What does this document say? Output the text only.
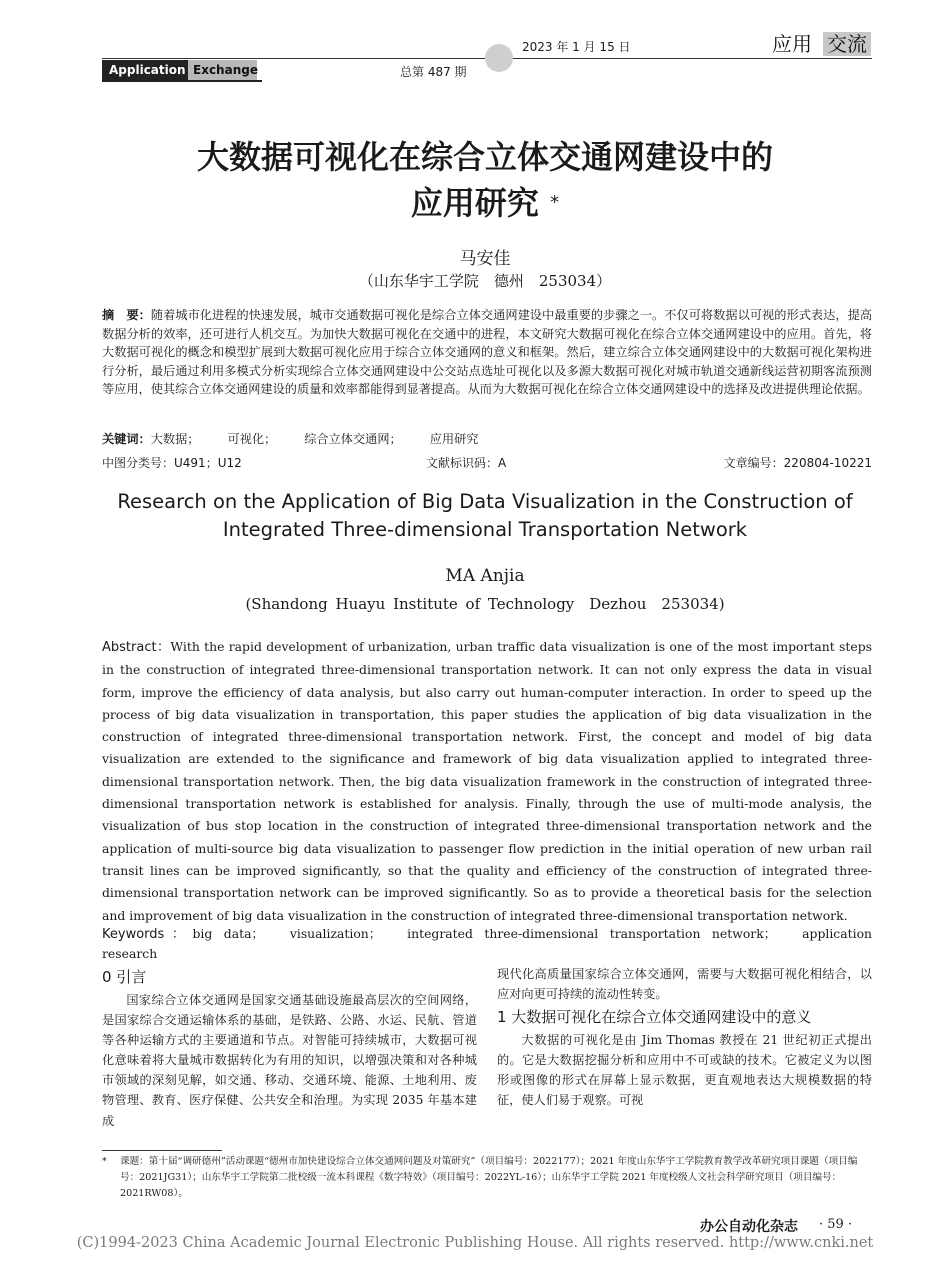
Application Exchange
2023 年 1 月 15 日
总第 487 期
应用 交流
大数据可视化在综合立体交通网建设中的
应用研究 *
马安佳
（山东华宇工学院　德州　253034）
摘　要：随着城市化进程的快速发展，城市交通数据可视化是综合立体交通网建设中最重要的步骤之一。不仅可将数据以可视的形式表达，提高数据分析的效率，还可进行人机交互。为加快大数据可视化在交通中的进程，本文研究大数据可视化在综合立体交通网建设中的应用。首先，将大数据可视化的概念和模型扩展到大数据可视化应用于综合立体交通网的意义和框架。然后，建立综合立体交通网建设中的大数据可视化架构进行分析，最后通过利用多模式分析实现综合立体交通网建设中公交站点选址可视化以及多源大数据可视化对城市轨道交通新线运营初期客流预测等应用，使其综合立体交通网建设的质量和效率都能得到显著提高。从而为大数据可视化在综合立体交通网建设中的选择及改进提供理论依据。
关键词：大数据； 可视化； 综合立体交通网； 应用研究
中图分类号：U491；U12	文献标识码：A	文章编号：220804-10221
Research on the Application of Big Data Visualization in the Construction of Integrated Three-dimensional Transportation Network
MA Anjia
(Shandong Huayu Institute of Technology　Dezhou　253034)
Abstract：With the rapid development of urbanization, urban traffic data visualization is one of the most important steps in the construction of integrated three-dimensional transportation network. It can not only express the data in visual form, improve the efficiency of data analysis, but also carry out human-computer interaction. In order to speed up the process of big data visualization in transportation, this paper studies the application of big data visualization in the construction of integrated three-dimensional transportation network. First, the concept and model of big data visualization are extended to the significance and framework of big data visualization applied to integrated three-dimensional transportation network. Then, the big data visualization framework in the construction of integrated three-dimensional transportation network is established for analysis. Finally, through the use of multi-mode analysis, the visualization of bus stop location in the construction of integrated three-dimensional transportation network and the application of multi-source big data visualization to passenger flow prediction in the initial operation of new urban rail transit lines can be improved significantly, so that the quality and efficiency of the construction of integrated three-dimensional transportation network can be improved significantly. So as to provide a theoretical basis for the selection and improvement of big data visualization in the construction of integrated three-dimensional transportation network.
Keywords：big data； visualization； integrated three-dimensional transportation network； application research
0 引言

国家综合立体交通网是国家交通基础设施最高层次的空间网络，是国家综合交通运输体系的基础，是铁路、公路、水运、民航、管道等各种运输方式的主要通道和节点。对智能可持续城市，大数据可视化意味着将大量城市数据转化为有用的知识，以增强决策和对各种城市领域的深刻见解，如交通、移动、交通环境、能源、土地利用、废物管理、教育、医疗保健、公共安全和治理。为实现 2035 年基本建成

现代化高质量国家综合立体交通网，需要与大数据可视化相结合，以应对向更可持续的流动性转变。

1 大数据可视化在综合立体交通网建设中的意义

大数据的可视化是由 Jim Thomas 教授在 21 世纪初正式提出的。它是大数据挖掘分析和应用中不可或缺的技术。它被定义为以图形或图像的形式在屏幕上显示数据，更直观地表达大规模数据的特征，使人们易于观察。可视

* 课题：第十届“调研德州”活动课题“德州市加快建设综合立体交通网问题及对策研究”（项目编号：2022177）；2021 年度山东华宇工学院教育教学改革研究项目课题（项目编号：2021JG31）；山东华宇工学院第二批校级一流本科课程《数字特效》（项目编号：2022YL-16）；山东华宇工学院 2021 年度校级人文社会科学研究项目（项目编号：2021RW08）。
办公自动化杂志 · 59 ·
(C)1994-2023 China Academic Journal Electronic Publishing House. All rights reserved. http://www.cnki.net
